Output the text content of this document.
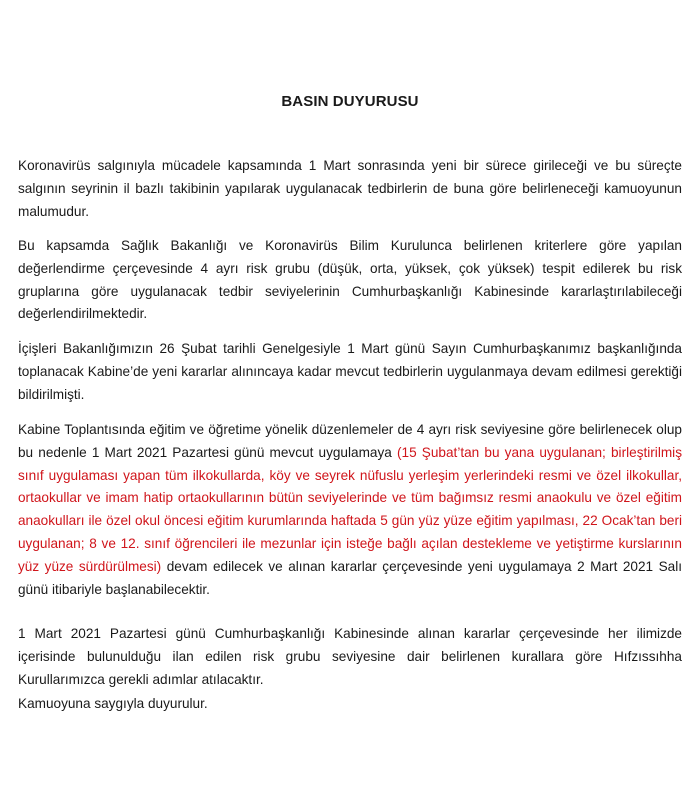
BASIN DUYURUSU

Koronavirüs salgınıyla mücadele kapsamında 1 Mart sonrasında yeni bir sürece girileceği ve bu süreçte salgının seyrinin il bazlı takibinin yapılarak uygulanacak tedbirlerin de buna göre belirleneceği kamuoyunun malumudur.

Bu kapsamda Sağlık Bakanlığı ve Koronavirüs Bilim Kurulunca belirlenen kriterlere göre yapılan değerlendirme çerçevesinde 4 ayrı risk grubu (düşük, orta, yüksek, çok yüksek) tespit edilerek bu risk gruplarına göre uygulanacak tedbir seviyelerinin Cumhurbaşkanlığı Kabinesinde kararlaştırılabileceği değerlendirilmektedir.

İçişleri Bakanlığımızın 26 Şubat tarihli Genelgesiyle 1 Mart günü Sayın Cumhurbaşkanımız başkanlığında toplanacak Kabine’de yeni kararlar alınıncaya kadar mevcut tedbirlerin uygulanmaya devam edilmesi gerektiği bildirilmişti.

Kabine Toplantısında eğitim ve öğretime yönelik düzenlemeler de 4 ayrı risk seviyesine göre belirlenecek olup bu nedenle 1 Mart 2021 Pazartesi günü mevcut uygulamaya (15 Şubat’tan bu yana uygulanan; birleştirilmiş sınıf uygulaması yapan tüm ilkokullarda, köy ve seyrek nüfuslu yerleşim yerlerindeki resmi ve özel ilkokullar, ortaokullar ve imam hatip ortaokullarının bütün seviyelerinde ve tüm bağımsız resmi anaokulu ve özel eğitim anaokulları ile özel okul öncesi eğitim kurumlarında haftada 5 gün yüz yüze eğitim yapılması, 22 Ocak’tan beri uygulanan; 8 ve 12. sınıf öğrencileri ile mezunlar için isteğe bağlı açılan destekleme ve yetiştirme kurslarının yüz yüze sürdürülmesi) devam edilecek ve alınan kararlar çerçevesinde yeni uygulamaya 2 Mart 2021 Salı günü itibariyle başlanabilecektir.

1 Mart 2021 Pazartesi günü Cumhurbaşkanlığı Kabinesinde alınan kararlar çerçevesinde her ilimizde içerisinde bulunulduğu ilan edilen risk grubu seviyesine dair belirlenen kurallara göre Hıfzıssıhha Kurullarımızca gerekli adımlar atılacaktır.

Kamuoyuna saygıyla duyurulur.
